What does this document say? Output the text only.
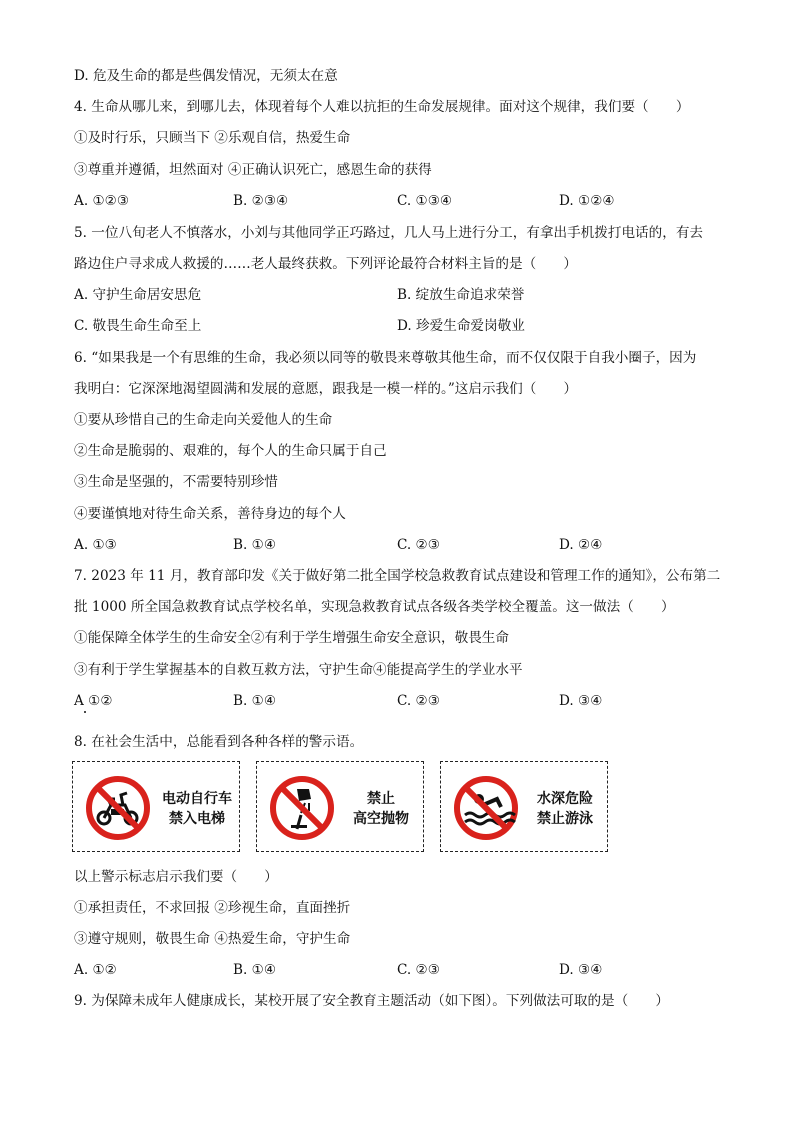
D. 危及生命的都是些偶发情况，无须太在意
4. 生命从哪儿来，到哪儿去，体现着每个人难以抗拒的生命发展规律。面对这个规律，我们要（　　）
①及时行乐，只顾当下 ②乐观自信，热爱生命
③尊重并遵循，坦然面对 ④正确认识死亡，感恩生命的获得
A. ①②③	B. ②③④	C. ①③④	D. ①②④
5. 一位八旬老人不慎落水，小刘与其他同学正巧路过，几人马上进行分工，有拿出手机拨打电话的，有去
路边住户寻求成人救援的……老人最终获救。下列评论最符合材料主旨的是（　　）
A. 守护生命居安思危	B. 绽放生命追求荣誉
C. 敬畏生命生命至上	D. 珍爱生命爱岗敬业
6. “如果我是一个有思维的生命，我必须以同等的敬畏来尊敬其他生命，而不仅仅限于自我小圈子，因为
我明白：它深深地渴望圆满和发展的意愿，跟我是一模一样的。”这启示我们（　　）
①要从珍惜自己的生命走向关爱他人的生命
②生命是脆弱的、艰难的，每个人的生命只属于自己
③生命是坚强的，不需要特别珍惜
④要谨慎地对待生命关系，善待身边的每个人
A. ①③	B. ①④	C. ②③	D. ②④
7. 2023 年 11 月，教育部印发《关于做好第二批全国学校急救教育试点建设和管理工作的通知》，公布第二
批 1000 所全国急救教育试点学校名单，实现急救教育试点各级各类学校全覆盖。这一做法（　　）
①能保障全体学生的生命安全②有利于学生增强生命安全意识，敬畏生命
③有利于学生掌握基本的自救互救方法，守护生命④能提高学生的学业水平
A ①②	B. ①④	C. ②③	D. ③④
8. 在社会生活中，总能看到各种各样的警示语。
电动自行车
禁入电梯
禁止
高空抛物
水深危险
禁止游泳
以上警示标志启示我们要（　　）
①承担责任，不求回报 ②珍视生命，直面挫折
③遵守规则，敬畏生命 ④热爱生命，守护生命
A. ①②	B. ①④	C. ②③	D. ③④
9. 为保障未成年人健康成长，某校开展了安全教育主题活动（如下图）。下列做法可取的是（　　）
